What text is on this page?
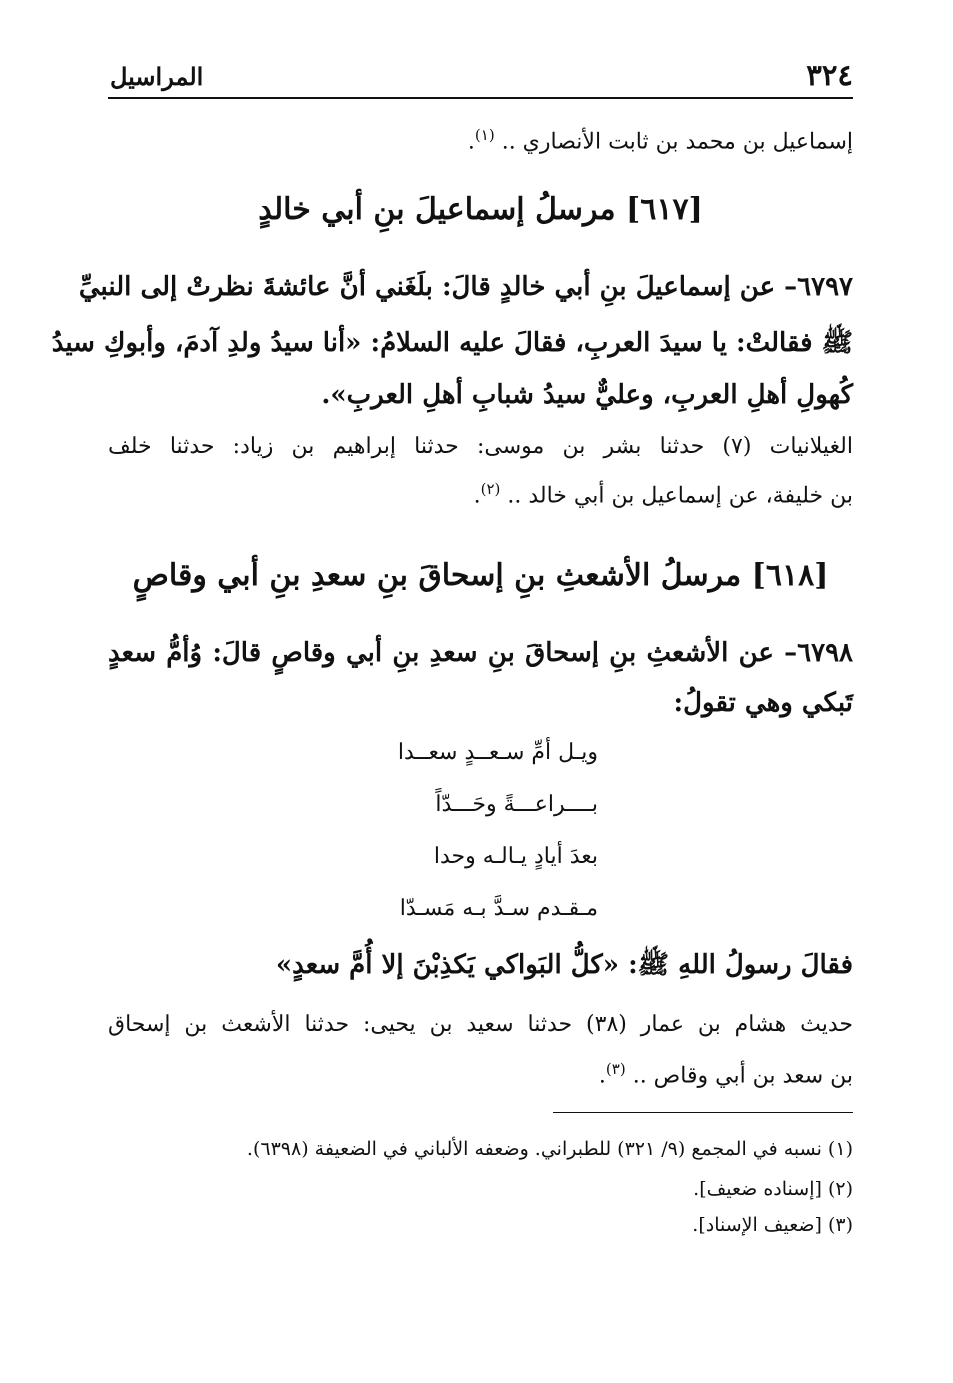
٣٢٤
المراسيل
إسماعيل بن محمد بن ثابت الأنصاري .. $^{(١)}$.
[٦١٧] مرسلُ إسماعيلَ بنِ أبي خالدٍ
٦٧٩٧– عن إسماعيلَ بنِ أبي خالدٍ قالَ: بلَغَني أنَّ عائشةَ نظرتْ إلى النبيِّ
ﷺ فقالتْ: يا سيدَ العربِ، فقالَ عليه السلامُ: «أنا سيدُ ولدِ آدمَ، وأبوكِ سيدُ
كُهولِ أهلِ العربِ، وعليٌّ سيدُ شبابِ أهلِ العربِ».
الغيلانيات (٧) حدثنا بشر بن موسى: حدثنا إبراهيم بن زياد: حدثنا خلف
بن خليفة، عن إسماعيل بن أبي خالد .. $^{(٢)}$.
[٦١٨] مرسلُ الأشعثِ بنِ إسحاقَ بنِ سعدِ بنِ أبي وقاصٍ
٦٧٩٨– عن الأشعثِ بنِ إسحاقَ بنِ سعدِ بنِ أبي وقاصٍ قالَ: وُأمُّ سعدٍ
تَبكي وهي تقولُ:
ويـل أمِّ سـعــدٍ سعــدا
بــــراعـــةً وحَـــدّاً
بعدَ أيادٍ يـالـه وحدا
مـقـدم سـدَّ بـه مَسـدّا
فقالَ رسولُ اللهِ ﷺ: «كلُّ البَواكي يَكذِبْنَ إلا أُمَّ سعدٍ»
حديث هشام بن عمار (٣٨) حدثنا سعيد بن يحيى: حدثنا الأشعث بن إسحاق
بن سعد بن أبي وقاص .. $^{(٣)}$.
(١) نسبه في المجمع (٩/ ٣٢١) للطبراني. وضعفه الألباني في الضعيفة (٦٣٩٨).
(٢) [إسناده ضعيف].
(٣) [ضعيف الإسناد].
